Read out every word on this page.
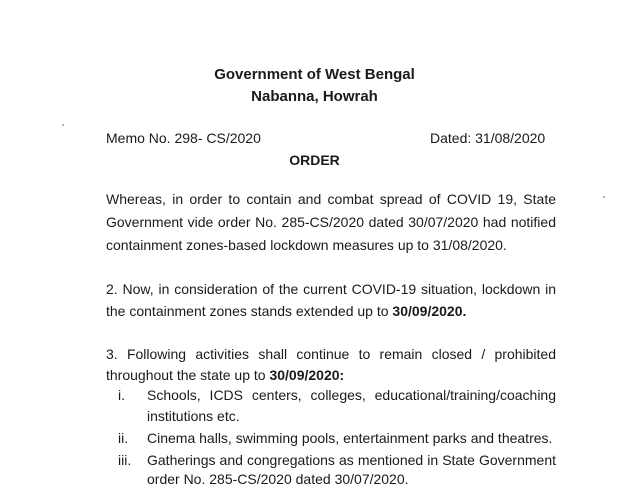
Government of West Bengal
Nabanna, Howrah
Memo No. 298- CS/2020	Dated: 31/08/2020
ORDER
Whereas, in order to contain and combat spread of COVID 19, State
Government vide order No. 285-CS/2020 dated 30/07/2020 had notified
containment zones-based lockdown measures up to 31/08/2020.
2. Now, in consideration of the current COVID-19 situation, lockdown in
the containment zones stands extended up to 30/09/2020.
3. Following activities shall continue to remain closed / prohibited
throughout the state up to 30/09/2020:
i. Schools, ICDS centers, colleges, educational/training/coaching
institutions etc.
ii. Cinema halls, swimming pools, entertainment parks and theatres.
iii. Gatherings and congregations as mentioned in State Government
order No. 285-CS/2020 dated 30/07/2020.
